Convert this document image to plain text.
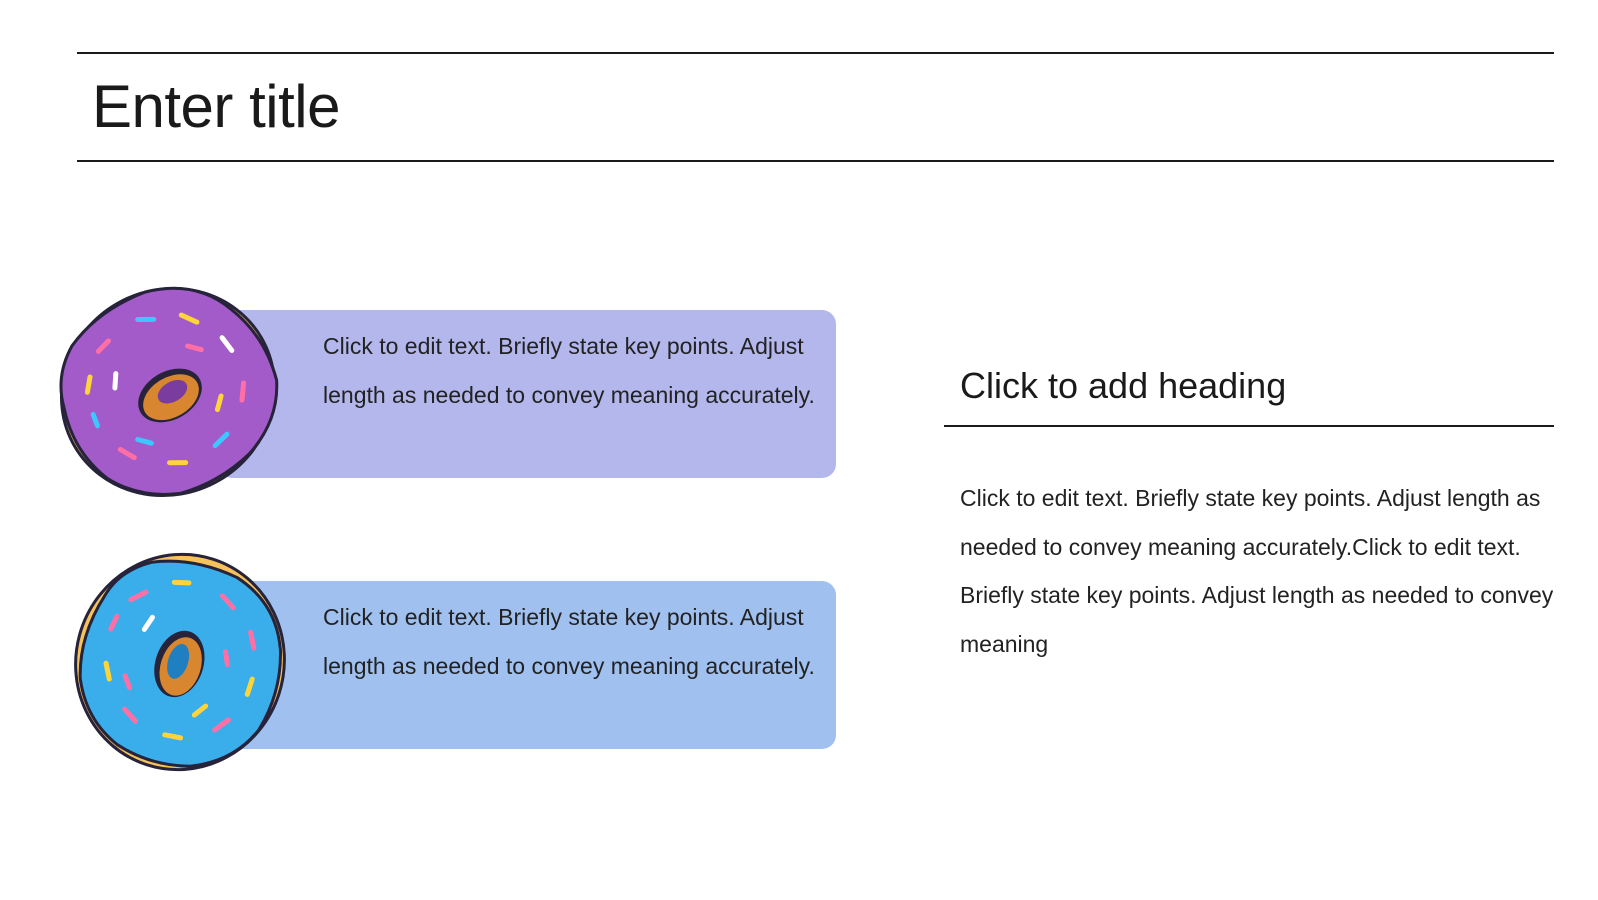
Enter title
Click to edit text. Briefly state key points. Adjust length as needed to convey meaning accurately.
Click to edit text. Briefly state key points. Adjust length as needed to convey meaning accurately.
Click to add heading
Click to edit text. Briefly state key points. Adjust length as needed to convey meaning accurately.Click to edit text. Briefly state key points. Adjust length as needed to convey meaning
